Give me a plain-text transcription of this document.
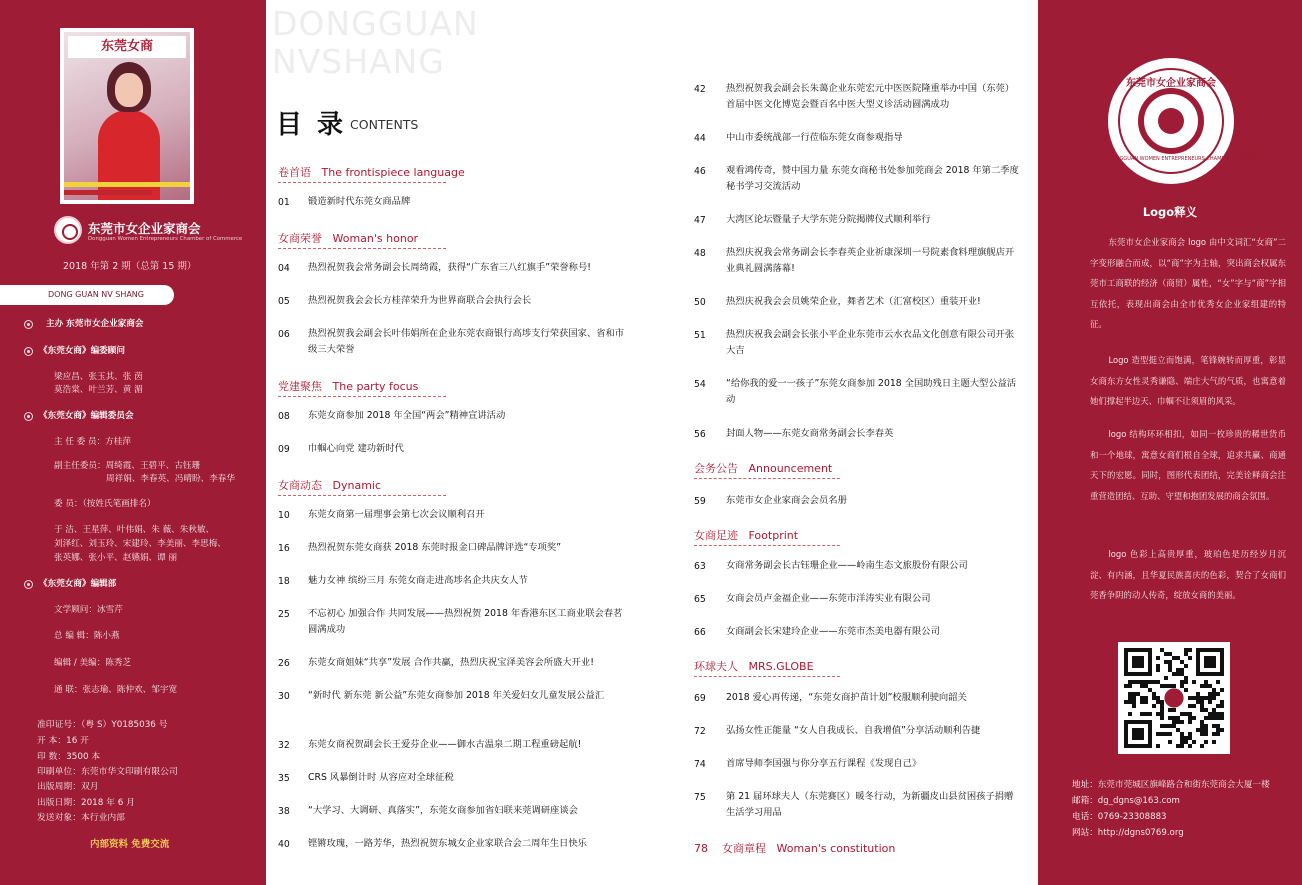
东莞女商
东莞市女企业家商会
Dongguan Women Entrepreneurs Chamber of Commerce
2018 年第 2 期（总第 15 期）
DONG GUAN NV SHANG
主办 东莞市女企业家商会
《东莞女商》编委顾问
梁应昌、张玉其、张 茵
莫浩棠、叶兰芳、黄 湄
《东莞女商》编辑委员会
主 任 委 员：方桂萍
副主任委员：周绮霞、王碧平、古钰珊
周祥娟、李春英、冯晴盼、李春华
委 员：（按姓氏笔画排名）
于 洁、王星萍、叶伟娟、朱 薇、朱秋敏、
刘泽红、刘玉玲、宋建玲、李美丽、李思梅、
张英娜、张小平、赵嬿娟、谭 丽
《东莞女商》编辑部
文学顾问：冰雪芹
总 编 辑：陈小燕
编辑 / 美编：陈秀芝
通 联：张志瑜、陈仲欢、邹宇宽
准印证号：（粤 S）Y0185036 号
开 本：16 开
印 数：3500 本
印刷单位：东莞市华文印刷有限公司
出版周期：双月
出版日期：2018 年 6 月
发送对象：本行业内部
内部资料 免费交流
DONGGUAN
NVSHANG
目 录 CONTENTS
卷首语 The frontispiece language
01 锻造新时代东莞女商品牌
女商荣誉 Woman's honor
04 热烈祝贺我会常务副会长周绮霞，获得“广东省三八红旗手”荣誉称号!
05 热烈祝贺我会会长方桂萍荣升为世界商联合会执行会长
06 热烈祝贺我会副会长叶伟娟所在企业东莞农商银行高埗支行荣获国家、省和市级三大荣誉
党建聚焦 The party focus
08 东莞女商参加 2018 年全国“两会”精神宣讲活动
09 巾帼心向党 建功新时代
女商动态 Dynamic
10 东莞女商第一届理事会第七次会议顺利召开
16 热烈祝贺东莞女商获 2018 东莞时报金口碑品牌评选“专项奖”
18 魅力女神 缤纷三月 东莞女商走进高埗名企共庆女人节
25 不忘初心 加强合作 共同发展——热烈祝贺 2018 年香港东区工商业联会春茗圆满成功
26 东莞女商姐妹“共享”发展 合作共赢，热烈庆祝宝泽美容会所盛大开业!
30 “新时代 新东莞 新公益”东莞女商参加 2018 年关爱妇女儿童发展公益汇
32 东莞女商祝贺副会长王爱芬企业——御水古温泉二期工程重磅起航!
35 CRS 风暴倒计时 从容应对全球征税
38 “大学习、大调研、真落实”，东莞女商参加省妇联来莞调研座谈会
40 铿锵玫瑰，一路芳华，热烈祝贺东城女企业家联合会二周年生日快乐
42 热烈祝贺我会副会长朱蔼企业东莞宏元中医医院隆重举办中国（东莞）首届中医文化博览会暨百名中医大型义诊活动圆满成功
44 中山市委统战部一行莅临东莞女商参观指导
46 观看鸿传奇，赞中国力量 东莞女商秘书处参加莞商会 2018 年第二季度秘书学习交流活动
47 大湾区论坛暨量子大学东莞分院揭牌仪式顺利举行
48 热烈庆祝我会常务副会长李春英企业祈康深圳一号院素食料理旗舰店开业典礼圆满落幕!
50 热烈庆祝我会会员姚荣企业，舞者艺术（汇富校区）重装开业!
51 热烈庆祝我会副会长张小平企业东莞市云水衣品文化创意有限公司开张大吉
54 “给你我的爱一一孩子”东莞女商参加 2018 全国助残日主题大型公益活动
56 封面人物——东莞女商常务副会长李春英
会务公告 Announcement
59 东莞市女企业家商会会员名册
女商足迹 Footprint
63 女商常务副会长古钰珊企业——岭南生态文旅股份有限公司
65 女商会员卢金福企业——东莞市洋涛实业有限公司
66 女商副会长宋建玲企业——东莞市杰美电器有限公司
环球夫人 MRS.GLOBE
69 2018 爱心再传递，“东莞女商护苗计划”校服顺利驶向韶关
72 弘扬女性正能量 “女人自我成长、自我增值”分享活动顺利告捷
74 首席导师李国强与你分享五行课程《发现自己》
75 第 21 届环球夫人（东莞赛区）暖冬行动，为新疆皮山县贫困孩子捐赠生活学习用品
78 女商章程 Woman's constitution
东莞市女企业家商会
DONGGUAN WOMEN ENTREPRENEURS CHAMBER OF COMMERCE
Logo释义
东莞市女企业家商会 logo 由中文词汇“女商”二字变形融合而成，以“商”字为主轴，突出商会权属东莞市工商联的经济（商贸）属性，“女”字与“商”字相互依托，表现出商会由全市优秀女企业家组建的特征。
Logo 造型挺立而饱满，笔锋婉转而厚重，彰显女商东方女性灵秀谦隐、端庄大气的气质，也寓意着她们撑起半边天、巾帼不让须眉的风采。
logo 结构环环相扣，如同一枚珍贵的稀世货币和一个地球，寓意女商们根自全球，追求共赢、商通天下的宏愿。同时，图形代表团结，完美诠释商会注重营造团结、互助、守望和抱团发展的商会氛围。
logo 色彩上高贵厚重，玻珀色是历经岁月沉淀、有内涵，且华夏民族喜庆的色彩，契合了女商们莞香争阴的动人传奇，绽放女商的美丽。
地址：东莞市莞城区旗峰路合和街东莞商会大厦一楼
邮箱：dg_dgns@163.com
电话：0769-23308883
网站：http://dgns0769.org
